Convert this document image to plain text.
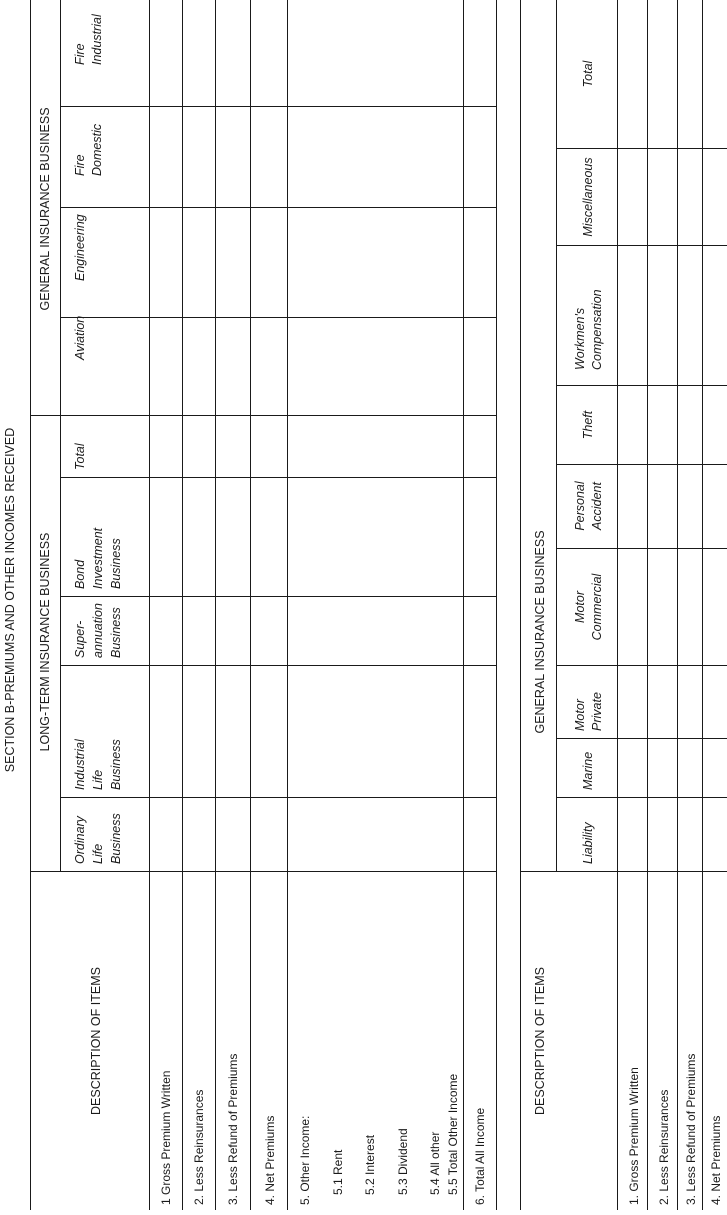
SECTION B-PREMIUMS AND OTHER INCOMES RECEIVED
DESCRIPTION OF ITEMS
LONG-TERM INSURANCE BUSINESS
GENERAL INSURANCE BUSINESS
Ordinary Life Business
Industrial Life Business
Super- annuation Business
Bond Investment Business
Total
Aviation
Engineering
Fire Domestic
Fire Industrial
1 Gross Premium Written 2. Less Reinsurances 3. Less Refund of Premiums 4. Net Premiums 5. Other Income: 5.1 Rent 5.2 Interest 5.3 Dividend 5.4 All other 5.5 Total Other Income 6. Total All Income
DESCRIPTION OF ITEMS
GENERAL INSURANCE BUSINESS
Liability
Marine
Motor Private
Motor Commercial
Personal Accident
Theft
Workmen's Compensation
Miscellaneous
Total
1. Gross Premium Written 2. Less Reinsurances 3. Less Refund of Premiums 4. Net Premiums
